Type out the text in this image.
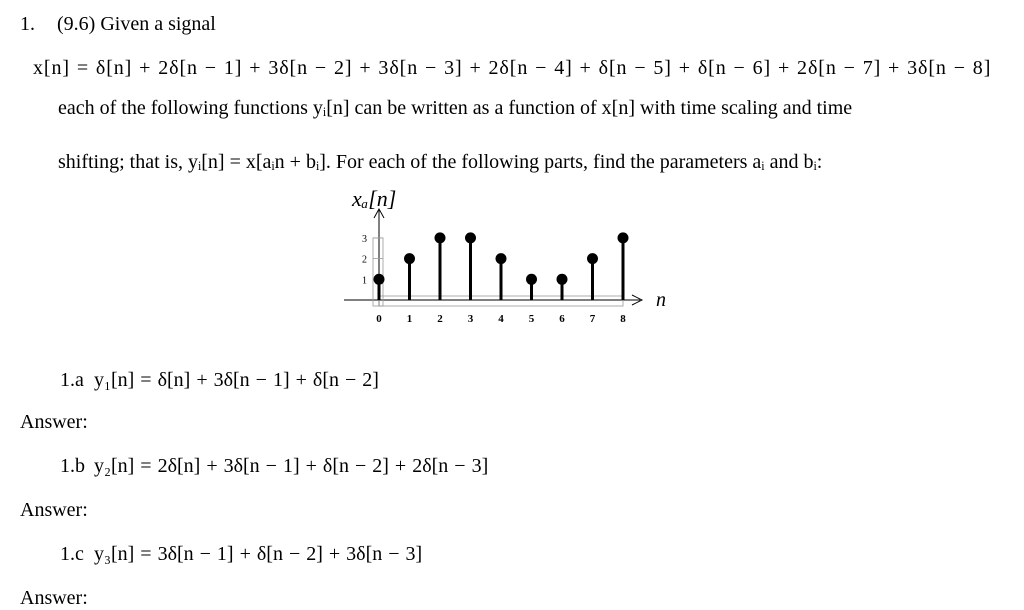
1. (9.6) Given a signal
x[n] = δ[n] + 2δ[n − 1] + 3δ[n − 2] + 3δ[n − 3] + 2δ[n − 4] + δ[n − 5] + δ[n − 6] + 2δ[n − 7] + 3δ[n − 8]
each of the following functions yᵢ[n] can be written as a function of x[n] with time scaling and time
shifting; that is, yᵢ[n] = x[aᵢn + bᵢ]. For each of the following parts, find the parameters aᵢ and bᵢ:
xₐ[n]
n
1
2
3
0 1 2 3 4 5 6 7 8
1.a y₁[n] = δ[n] + 3δ[n − 1] + δ[n − 2]
Answer:
1.b y₂[n] = 2δ[n] + 3δ[n − 1] + δ[n − 2] + 2δ[n − 3]
Answer:
1.c y₃[n] = 3δ[n − 1] + δ[n − 2] + 3δ[n − 3]
Answer:
